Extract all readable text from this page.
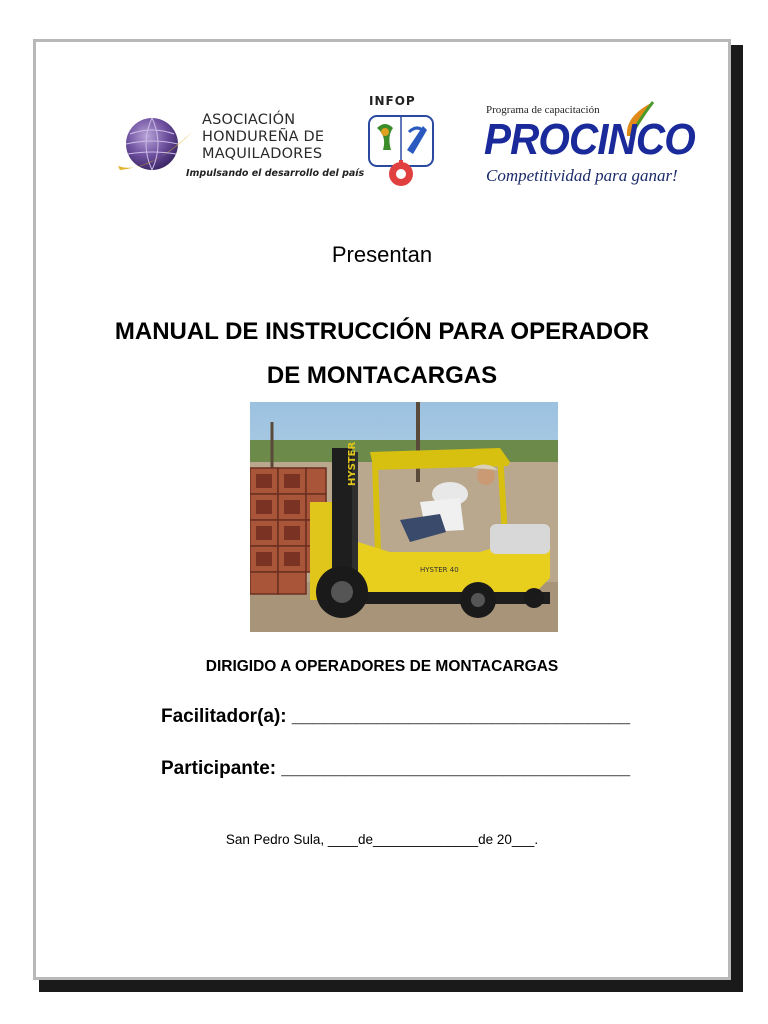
ASOCIACIÓN
HONDUREÑA DE
MAQUILADORES
Impulsando el desarrollo del país
INFOP
Programa de capacitación
PROCINCO
Competitividad para ganar!
Presentan
MANUAL DE INSTRUCCIÓN PARA OPERADOR
DE MONTACARGAS
HYSTER
HYSTER 40
DIRIGIDO A OPERADORES DE MONTACARGAS
Facilitador(a): ________________________________
Participante: _________________________________
San Pedro Sula, ____de______________de 20___.
